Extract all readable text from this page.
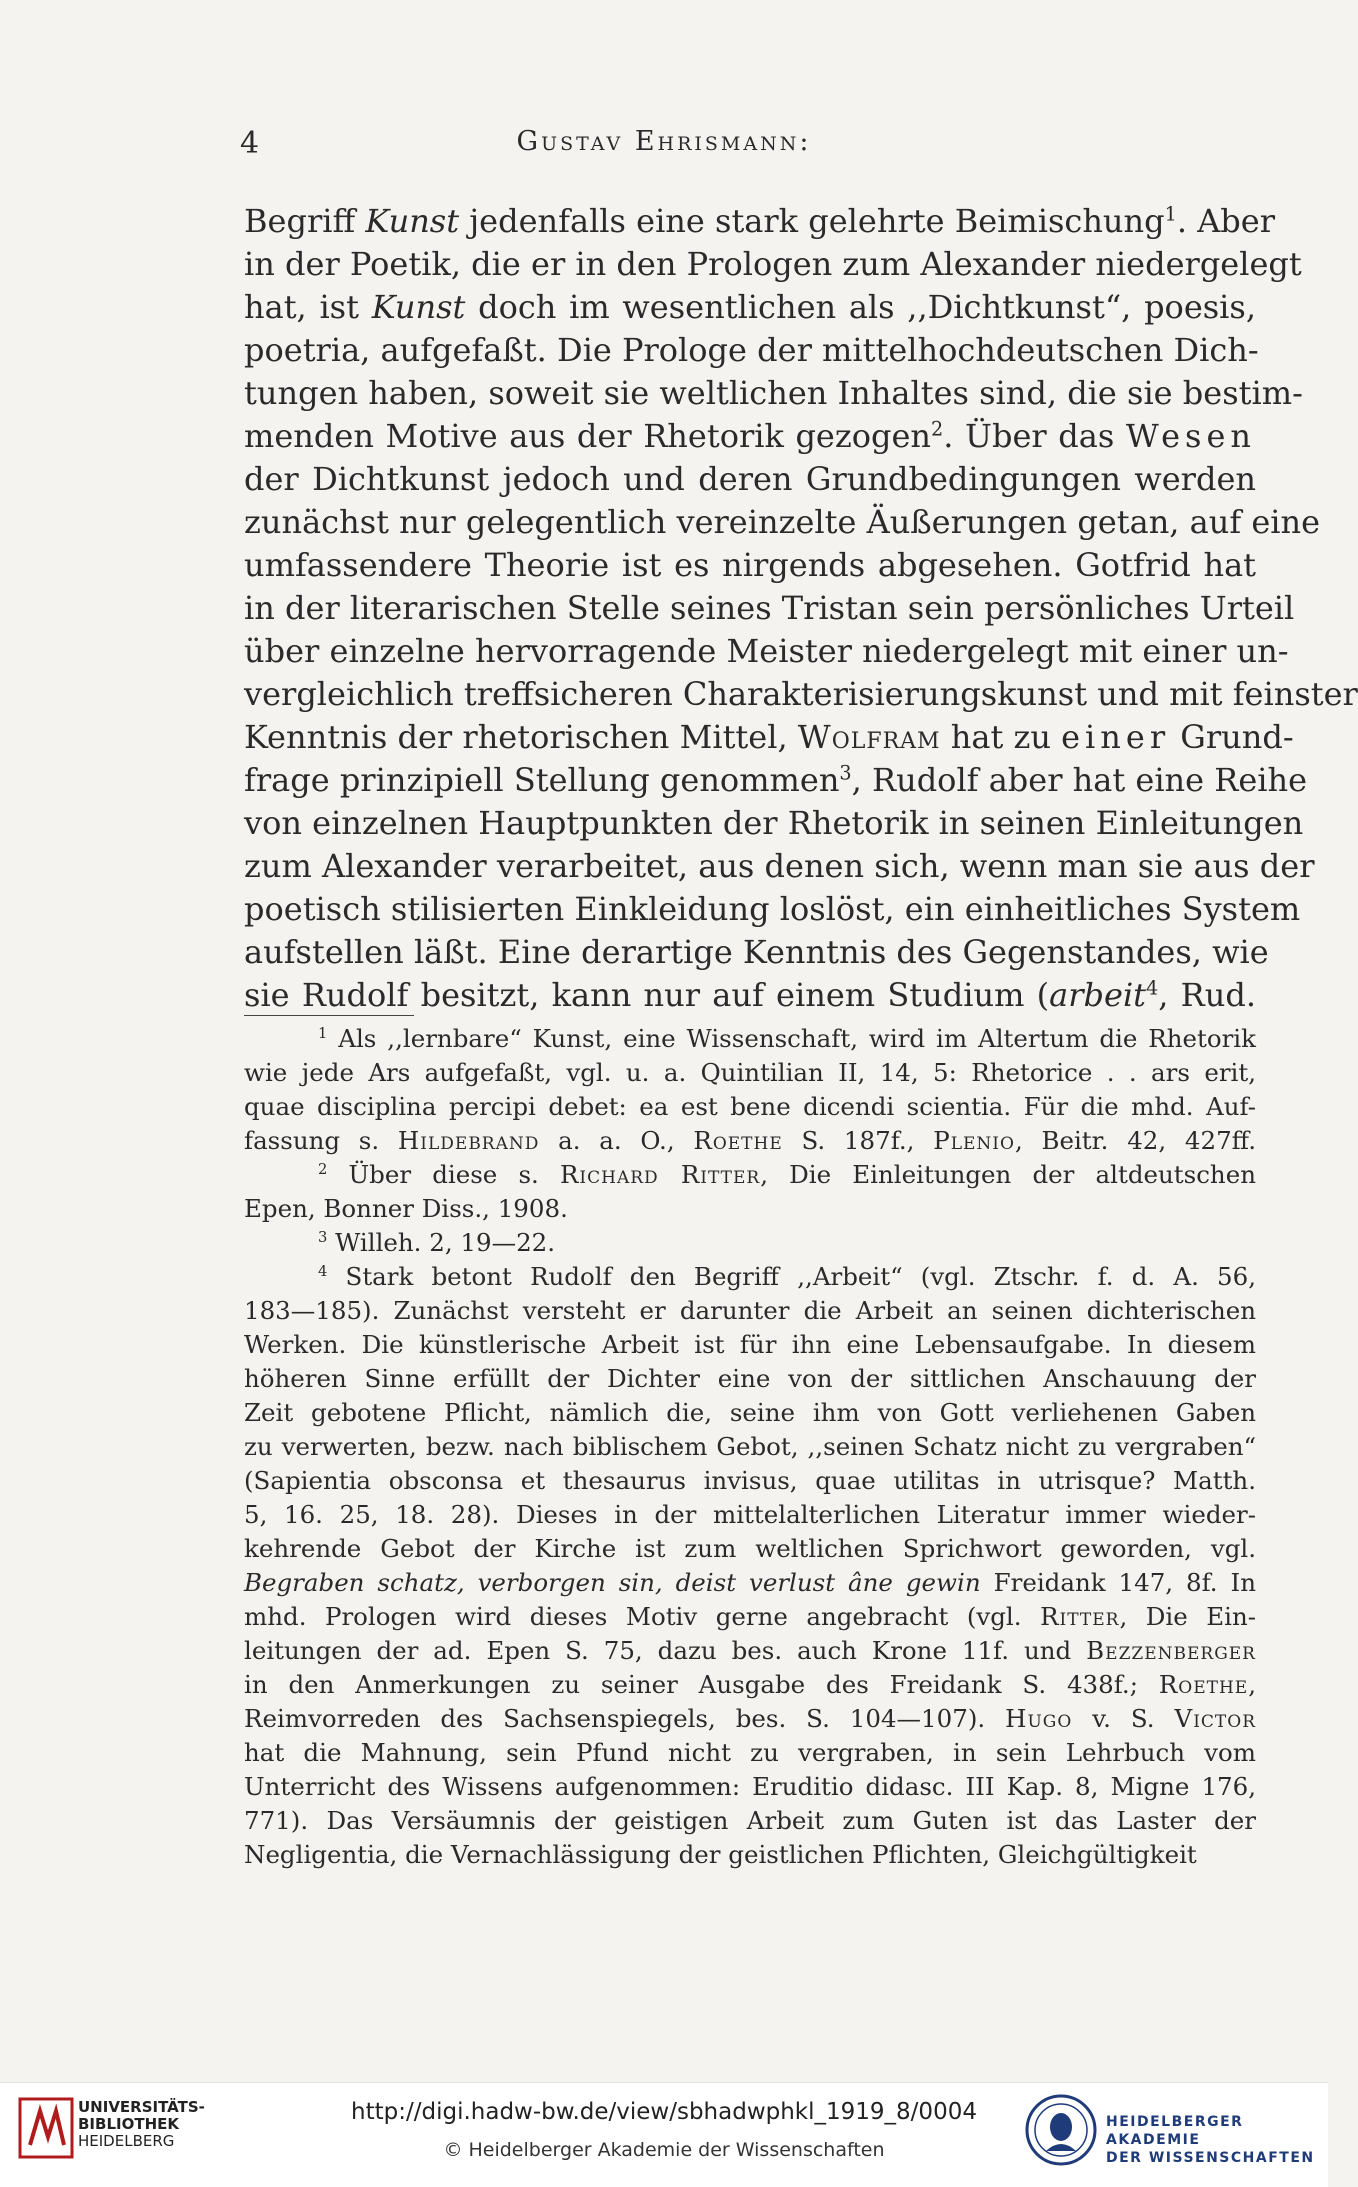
4	Gustav Ehrismann:
Begriff Kunst jedenfalls eine stark gelehrte Beimischung$^1$. Aber
in der Poetik, die er in den Prologen zum Alexander niedergelegt
hat, ist Kunst doch im wesentlichen als ,,Dichtkunst“, poesis,
poetria, aufgefaßt. Die Prologe der mittelhochdeutschen Dich-
tungen haben, soweit sie weltlichen Inhaltes sind, die sie bestim-
menden Motive aus der Rhetorik gezogen$^2$. Über das Wesen
der Dichtkunst jedoch und deren Grundbedingungen werden
zunächst nur gelegentlich vereinzelte Äußerungen getan, auf eine
umfassendere Theorie ist es nirgends abgesehen. Gotfrid hat
in der literarischen Stelle seines Tristan sein persönliches Urteil
über einzelne hervorragende Meister niedergelegt mit einer un-
vergleichlich treffsicheren Charakterisierungskunst und mit feinster
Kenntnis der rhetorischen Mittel, Wolfram hat zu einer Grund-
frage prinzipiell Stellung genommen$^3$, Rudolf aber hat eine Reihe
von einzelnen Hauptpunkten der Rhetorik in seinen Einleitungen
zum Alexander verarbeitet, aus denen sich, wenn man sie aus der
poetisch stilisierten Einkleidung loslöst, ein einheitliches System
aufstellen läßt. Eine derartige Kenntnis des Gegenstandes, wie
sie Rudolf besitzt, kann nur auf einem Studium (arbeit$^4$, Rud.
$^1$ Als ,,lernbare“ Kunst, eine Wissenschaft, wird im Altertum die Rhetorik
wie jede Ars aufgefaßt, vgl. u. a. Quintilian II, 14, 5: Rhetorice . . ars erit,
quae disciplina percipi debet: ea est bene dicendi scientia. Für die mhd. Auf-
fassung s. Hildebrand a. a. O., Roethe S. 187f., Plenio, Beitr. 42, 427ff.
$^2$ Über diese s. Richard Ritter, Die Einleitungen der altdeutschen
Epen, Bonner Diss., 1908.
$^3$ Willeh. 2, 19—22.
$^4$ Stark betont Rudolf den Begriff ,,Arbeit“ (vgl. Ztschr. f. d. A. 56,
183—185). Zunächst versteht er darunter die Arbeit an seinen dichterischen
Werken. Die künstlerische Arbeit ist für ihn eine Lebensaufgabe. In diesem
höheren Sinne erfüllt der Dichter eine von der sittlichen Anschauung der
Zeit gebotene Pflicht, nämlich die, seine ihm von Gott verliehenen Gaben
zu verwerten, bezw. nach biblischem Gebot, ,,seinen Schatz nicht zu vergraben“
(Sapientia obsconsa et thesaurus invisus, quae utilitas in utrisque? Matth.
5, 16. 25, 18. 28). Dieses in der mittelalterlichen Literatur immer wieder-
kehrende Gebot der Kirche ist zum weltlichen Sprichwort geworden, vgl.
Begraben schatz, verborgen sin, deist verlust âne gewin Freidank 147, 8f. In
mhd. Prologen wird dieses Motiv gerne angebracht (vgl. Ritter, Die Ein-
leitungen der ad. Epen S. 75, dazu bes. auch Krone 11f. und Bezzenberger
in den Anmerkungen zu seiner Ausgabe des Freidank S. 438f.; Roethe,
Reimvorreden des Sachsenspiegels, bes. S. 104—107). Hugo v. S. Victor
hat die Mahnung, sein Pfund nicht zu vergraben, in sein Lehrbuch vom
Unterricht des Wissens aufgenommen: Eruditio didasc. III Kap. 8, Migne 176,
771). Das Versäumnis der geistigen Arbeit zum Guten ist das Laster der
Negligentia, die Vernachlässigung der geistlichen Pflichten, Gleichgültigkeit
UNIVERSITÄTS-
BIBLIOTHEK
HEIDELBERG
http://digi.hadw-bw.de/view/sbhadwphkl_1919_8/0004
© Heidelberger Akademie der Wissenschaften
HEIDELBERGER AKADEMIE
DER WISSENSCHAFTEN
